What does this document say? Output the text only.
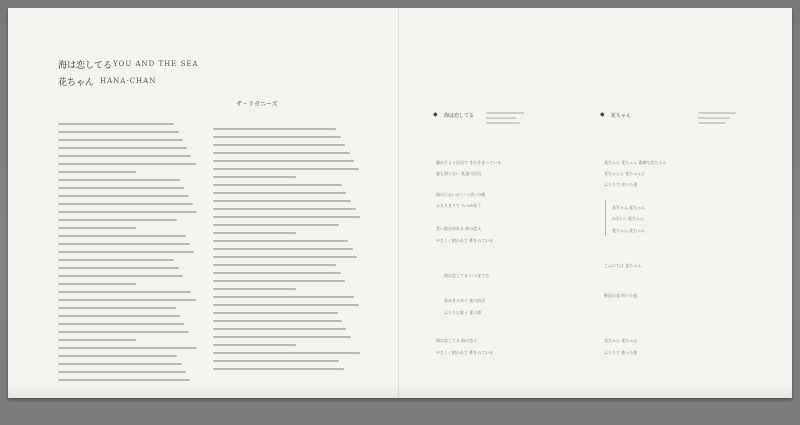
海は恋してる YOU AND THE SEA
花ちゃん HANA-CHAN
ザ・リガニーズ
◆ 海は恋してる	◆ 花ちゃん
風がそよぐ浜辺で きみをまっている
誰も知らない 私達の浜辺
海のにおいが いっぱいの朝
ふたりきりで みつめあう
青い波がゆれる 海の恋人
やさしく抱かれて 夢をみている
海は恋してる いつまでも
星がきらめく 夜の浜辺
ふたりは歌う 愛の歌
海は恋してる 海の恋人
やさしく抱かれて 夢をみている
花ちゃん 花ちゃん 素敵な花ちゃん
花ちゃんと 花ちゃんと
ふたりで 歩いた道
花ちゃん 花ちゃん
かわいい花ちゃん
花ちゃん 花ちゃん
こんにちは 花ちゃん
野原の花 咲いた花
花ちゃん 花ちゃん
ふたりで 歌った歌
